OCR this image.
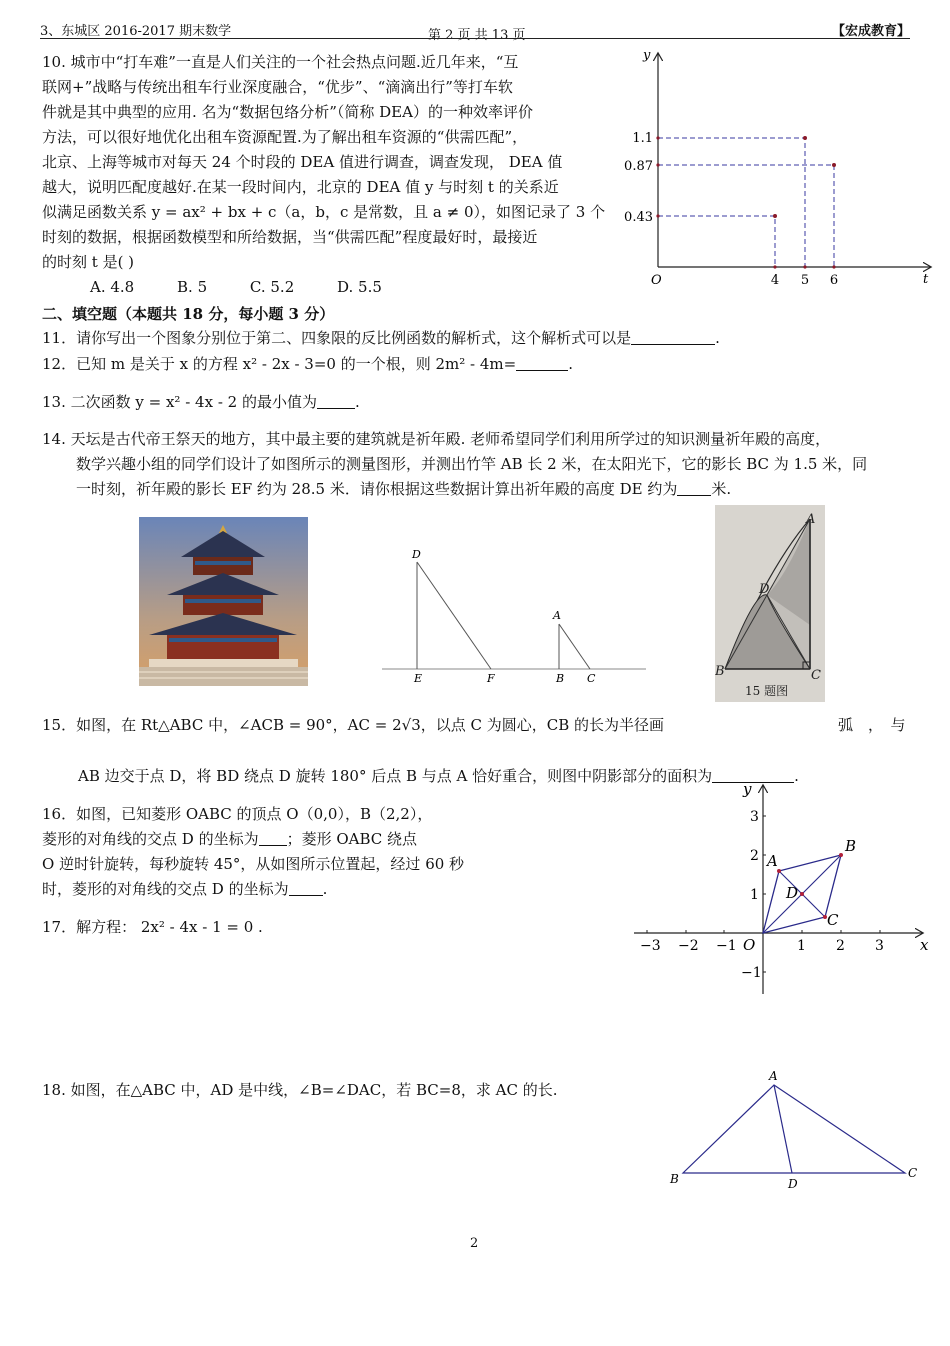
3、东城区 2016-2017 期末数学	第 2 页 共 13 页	【宏成教育】
10. 城市中“打车难”一直是人们关注的一个社会热点问题.近几年来，“互
联网+”战略与传统出租车行业深度融合，“优步”、“滴滴出行”等打车软
件就是其中典型的应用. 名为“数据包络分析”（简称 DEA）的一种效率评价
方法，可以很好地优化出租车资源配置.为了解出租车资源的“供需匹配”，
北京、上海等城市对每天 24 个时段的 DEA 值进行调查，调查发现， DEA 值
越大，说明匹配度越好.在某一段时间内，北京的 DEA 值 y 与时刻 t 的关系近
似满足函数关系 y = ax² + bx + c（a，b，c 是常数，且 a ≠ 0），如图记录了 3 个
时刻的数据，根据函数模型和所给数据，当“供需匹配”程度最好时，最接近
的时刻 t 是( )
A. 4.8	B. 5	C. 5.2	D. 5.5
y
t
O
1.1
0.87
0.43
4 5 6
二、填空题（本题共 18 分，每小题 3 分）
11．请你写出一个图象分别位于第二、四象限的反比例函数的解析式，这个解析式可以是	.
12．已知 m 是关于 x 的方程 x² - 2x - 3=0 的一个根，则 2m² - 4m=	.
13. 二次函数 y = x² - 4x - 2 的最小值为	.
14. 天坛是古代帝王祭天的地方，其中最主要的建筑就是祈年殿. 老师希望同学们利用所学过的知识测量祈年殿的高度，
数学兴趣小组的同学们设计了如图所示的测量图形，并测出竹竿 AB 长 2 米，在太阳光下，它的影长 BC 为 1.5 米，同
一时刻，祈年殿的影长 EF 约为 28.5 米．请你根据这些数据计算出祈年殿的高度 DE 约为 米.
D
E	F
A
B C
A
D
B	C
15 题图
15．如图，在 Rt△ABC 中，∠ACB = 90°，AC = 2√3，以点 C 为圆心，CB 的长为半径画	弧　，　与
AB 边交于点 D，将 BD 绕点 D 旋转 180° 后点 B 与点 A 恰好重合，则图中阴影部分的面积为	.
16．如图，已知菱形 OABC 的顶点 O（0,0），B（2,2），
菱形的对角线的交点 D 的坐标为 ；菱形 OABC 绕点
O 逆时针旋转，每秒旋转 45°，从如图所示位置起，经过 60 秒
时，菱形的对角线的交点 D 的坐标为 .
−3 −2 −1	1 2 3
3
2
1
−1
x
y
O
A
B
C
D
17．解方程： 2x² - 4x - 1 = 0 .
18. 如图，在△ABC 中，AD 是中线，∠B=∠DAC，若 BC=8，求 AC 的长.
A
B	C
D
2
